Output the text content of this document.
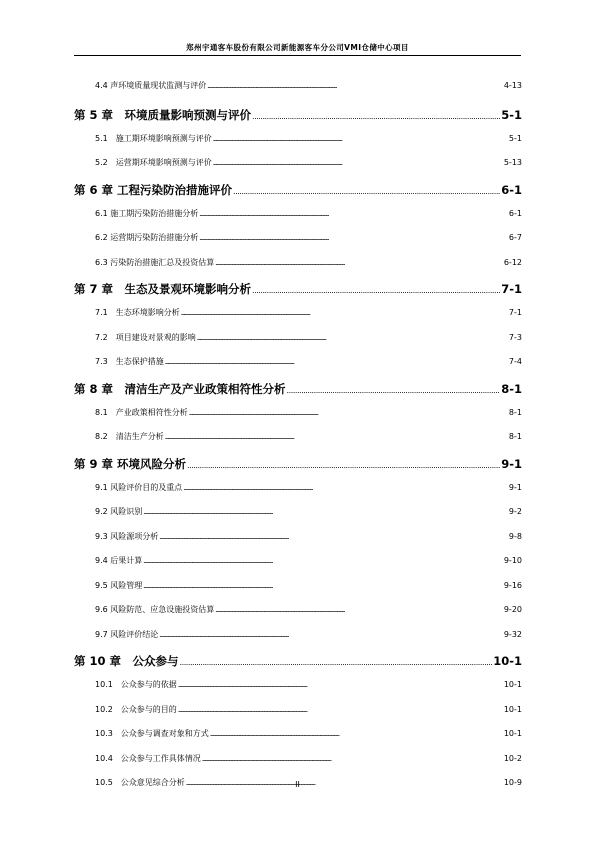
郑州宇通客车股份有限公司新能源客车分公司VMI仓储中心项目
4.4 声环境质量现状监测与评价 . . .	4-13
第 5 章　环境质量影响预测与评价 . . .	5-1
5.1　施工期环境影响预测与评价 . . .	5-1
5.2　运营期环境影响预测与评价 . . .	5-13
第 6 章 工程污染防治措施评价 . . .	6-1
6.1 施工期污染防治措施分析 . . .	6-1
6.2 运营期污染防治措施分析 . . .	6-7
6.3 污染防治措施汇总及投资估算 . . .	6-12
第 7 章　生态及景观环境影响分析 . . .	7-1
7.1　生态环境影响分析 . . .	7-1
7.2　项目建设对景观的影响 . . .	7-3
7.3　生态保护措施 . . .	7-4
第 8 章　清洁生产及产业政策相符性分析 . . .	8-1
8.1　产业政策相符性分析 . . .	8-1
8.2　清洁生产分析 . . .	8-1
第 9 章 环境风险分析 . . .	9-1
9.1 风险评价目的及重点 . . .	9-1
9.2 风险识别 . . .	9-2
9.3 风险源项分析 . . .	9-8
9.4 后果计算 . . .	9-10
9.5 风险管理 . . .	9-16
9.6 风险防范、应急设施投资估算 . . .	9-20
9.7 风险评价结论 . . .	9-32
第 10 章　公众参与 . . .	10-1
10.1　公众参与的依据 . . .	10-1
10.2　公众参与的目的 . . .	10-1
10.3　公众参与调查对象和方式 . . .	10-1
10.4　公众参与工作具体情况 . . .	10-2
10.5　公众意见综合分析 . . .	10-9
II
